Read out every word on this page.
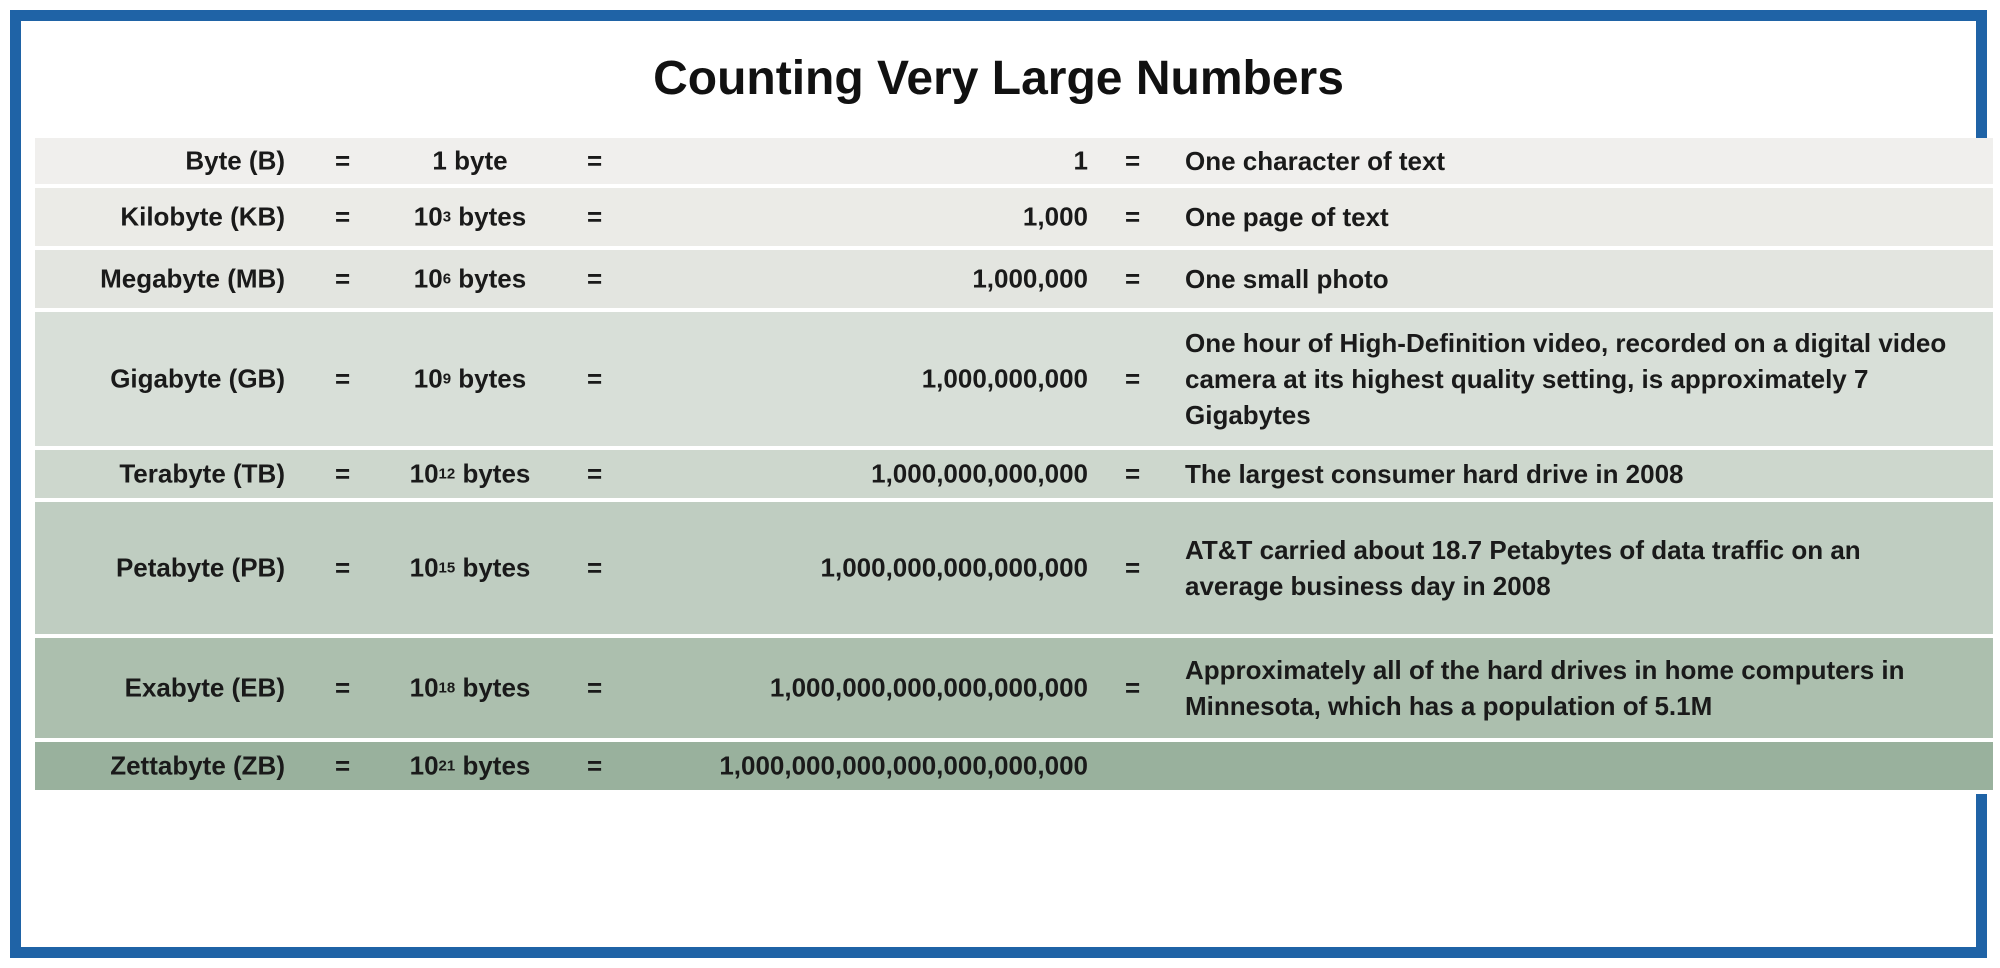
Counting Very Large Numbers
Byte (B) =	1 byte	=	1 = One character of text
Kilobyte (KB) =	$10^3$ bytes	=	1,000 = One page of text
Megabyte (MB) =	$10^6$ bytes	=	1,000,000 = One small photo
Gigabyte (GB) =	$10^9$ bytes	=	1,000,000,000 =
One hour of High-Definition video, recorded on a digital video camera at its highest quality setting, is approximately 7 Gigabytes
Terabyte (TB) =	$10^{12}$ bytes	=	1,000,000,000,000 = The largest consumer hard drive in 2008
Petabyte (PB) =	$10^{15}$ bytes	=	1,000,000,000,000,000 =
AT&T carried about 18.7 Petabytes of data traffic on an average business day in 2008
Exabyte (EB) =	$10^{18}$ bytes	=	1,000,000,000,000,000,000 =
Approximately all of the hard drives in home computers in Minnesota, which has a population of 5.1M
Zettabyte (ZB) =	$10^{21}$ bytes	=	1,000,000,000,000,000,000,000
